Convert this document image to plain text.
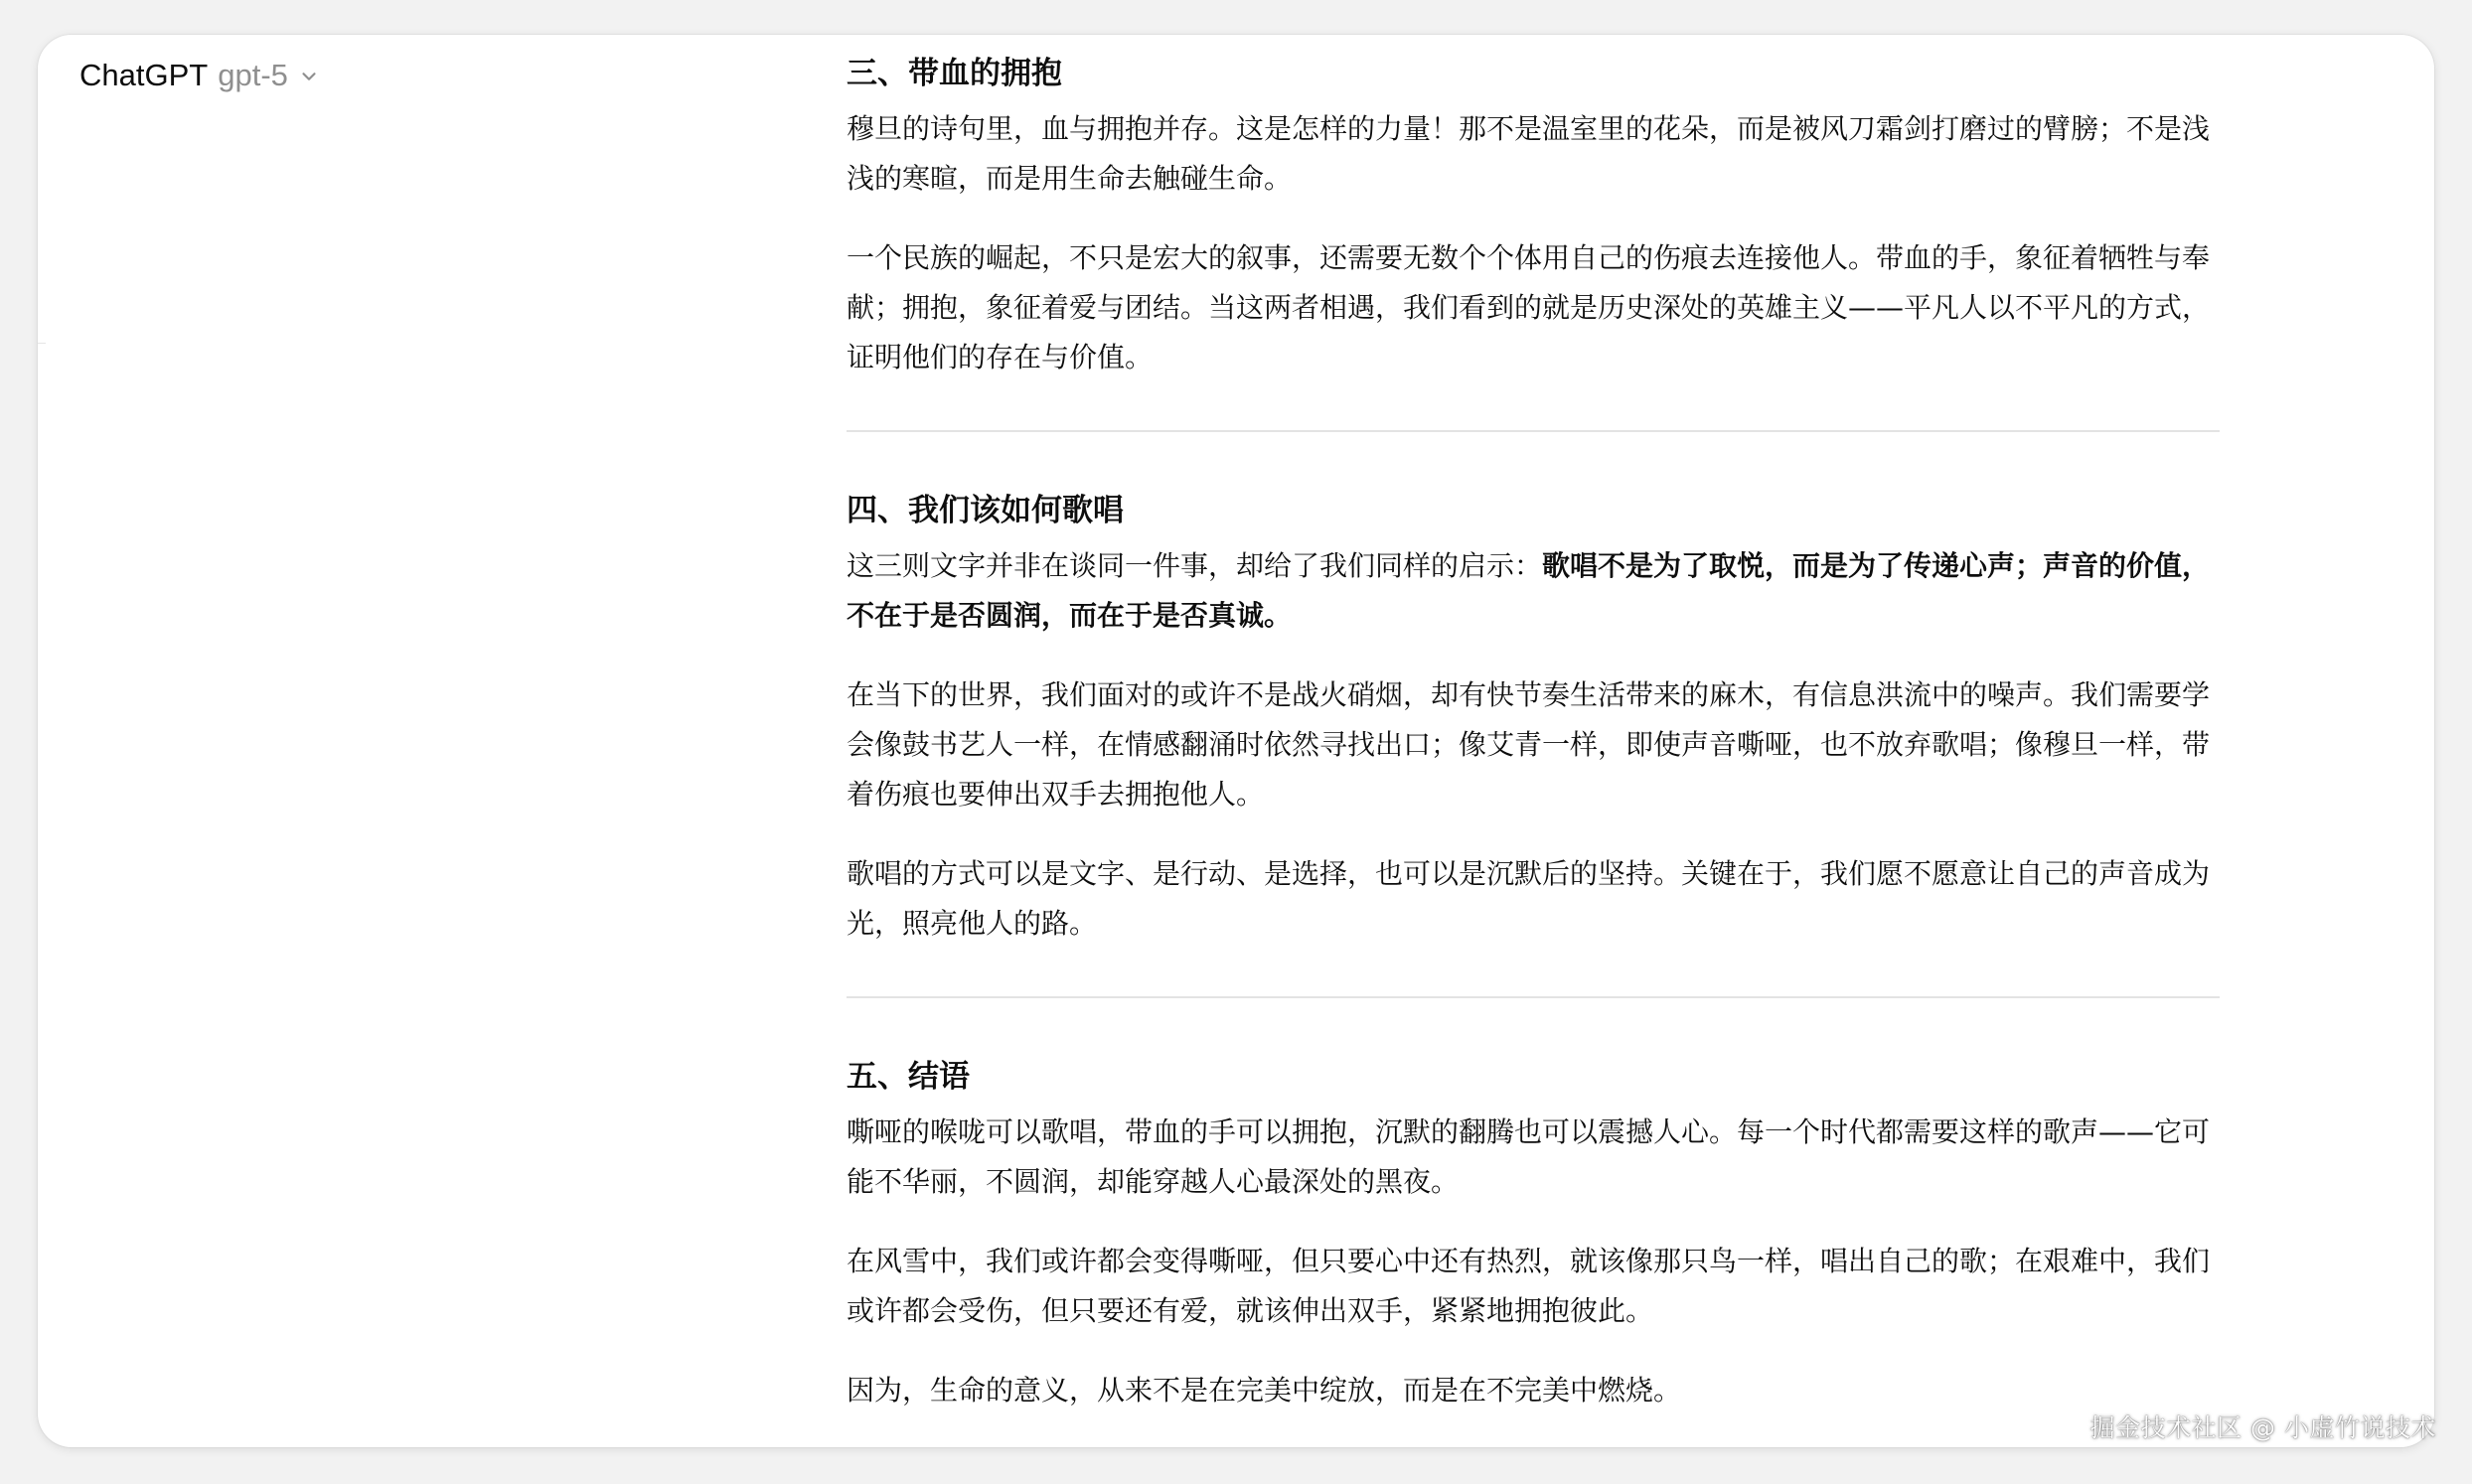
ChatGPT gpt-5	三、带血的拥抱

穆旦的诗句里，血与拥抱并存。这是怎样的力量！那不是温室里的花朵，而是被风刀霜剑打磨过的臂膀；不是浅浅的寒暄，而是用生命去触碰生命。

一个民族的崛起，不只是宏大的叙事，还需要无数个个体用自己的伤痕去连接他人。带血的手，象征着牺牲与奉献；拥抱，象征着爱与团结。当这两者相遇，我们看到的就是历史深处的英雄主义——平凡人以不平凡的方式，证明他们的存在与价值。

四、我们该如何歌唱

这三则文字并非在谈同一件事，却给了我们同样的启示：歌唱不是为了取悦，而是为了传递心声；声音的价值，不在于是否圆润，而在于是否真诚。

在当下的世界，我们面对的或许不是战火硝烟，却有快节奏生活带来的麻木，有信息洪流中的噪声。我们需要学会像鼓书艺人一样，在情感翻涌时依然寻找出口；像艾青一样，即使声音嘶哑，也不放弃歌唱；像穆旦一样，带着伤痕也要伸出双手去拥抱他人。

歌唱的方式可以是文字、是行动、是选择，也可以是沉默后的坚持。关键在于，我们愿不愿意让自己的声音成为光，照亮他人的路。

五、结语

嘶哑的喉咙可以歌唱，带血的手可以拥抱，沉默的翻腾也可以震撼人心。每一个时代都需要这样的歌声——它可能不华丽，不圆润，却能穿越人心最深处的黑夜。

在风雪中，我们或许都会变得嘶哑，但只要心中还有热烈，就该像那只鸟一样，唱出自己的歌；在艰难中，我们或许都会受伤，但只要还有爱，就该伸出双手，紧紧地拥抱彼此。

因为，生命的意义，从来不是在完美中绽放，而是在不完美中燃烧。

掘金技术社区 @ 小虚竹说技术
